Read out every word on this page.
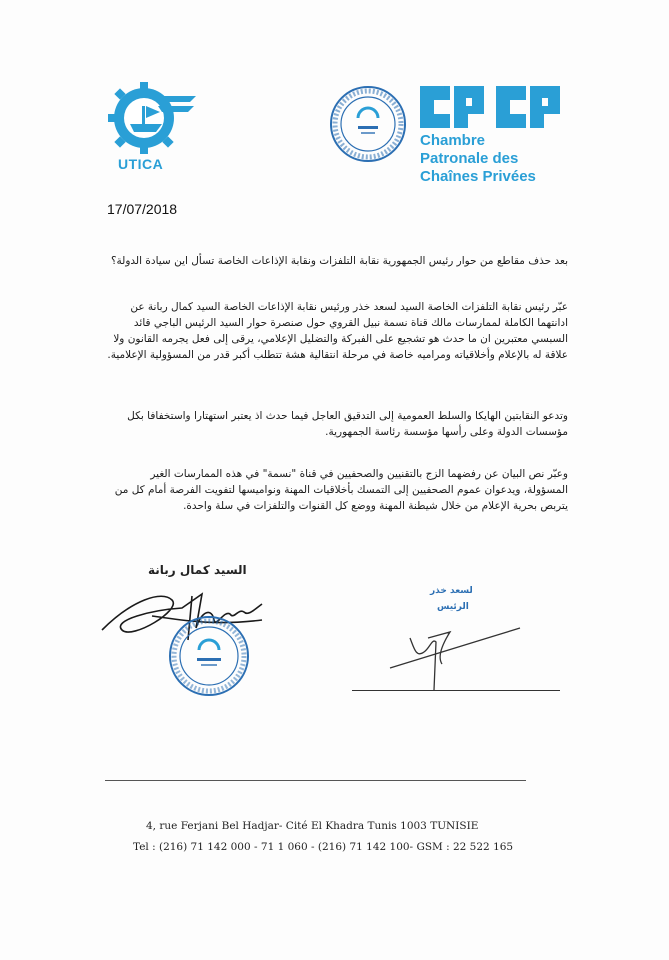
UTICA
Chambre
Patronale des
Chaînes Privées
17/07/2018
بعد حذف مقاطع من حوار رئيس الجمهورية نقابة التلفزات ونقابة الإذاعات الخاصة تسأل اين سيادة الدولة؟
عبّر رئيس نقابة التلفزات الخاصة السيد لسعد خذر ورئيس نقابة الإذاعات الخاصة السيد كمال ربانة عن ادانتهما الكاملة لممارسات مالك قناة نسمة نبيل القروي حول صنصرة حوار السيد الرئيس الباجي قائد السبسي معتبرين ان ما حدث هو تشجيع على الفبركة والتضليل الإعلامي، يرقى إلى فعل يجرمه القانون ولا علاقة له بالإعلام وأخلاقياته ومراميه خاصة في مرحلة انتقالية هشة تتطلب أكبر قدر من المسؤولية الإعلامية.
وتدعو النقابتين الهايكا والسلط العمومية إلى التدقيق العاجل فيما حدث اذ يعتبر استهتارا واستخفافا بكل مؤسسات الدولة وعلى رأسها مؤسسة رئاسة الجمهورية.
وعبّر نص البيان عن رفضهما الزج بالتقنيين والصحفيين في قناة "نسمة" في هذه الممارسات الغير المسؤولة، ويدعوان عموم الصحفيين إلى التمسك بأخلاقيات المهنة ونواميسها لتفويت الفرصة أمام كل من يتربص بحرية الإعلام من خلال شيطنة المهنة ووضع كل القنوات والتلفزات في سلة واحدة.
السيد كمال ربانة
لسعد خذر
الرئيس
4, rue Ferjani Bel Hadjar- Cité El Khadra Tunis 1003 TUNISIE
Tel : (216) 71 142 000 - 71 1 060 - (216) 71 142 100- GSM : 22 522 165
